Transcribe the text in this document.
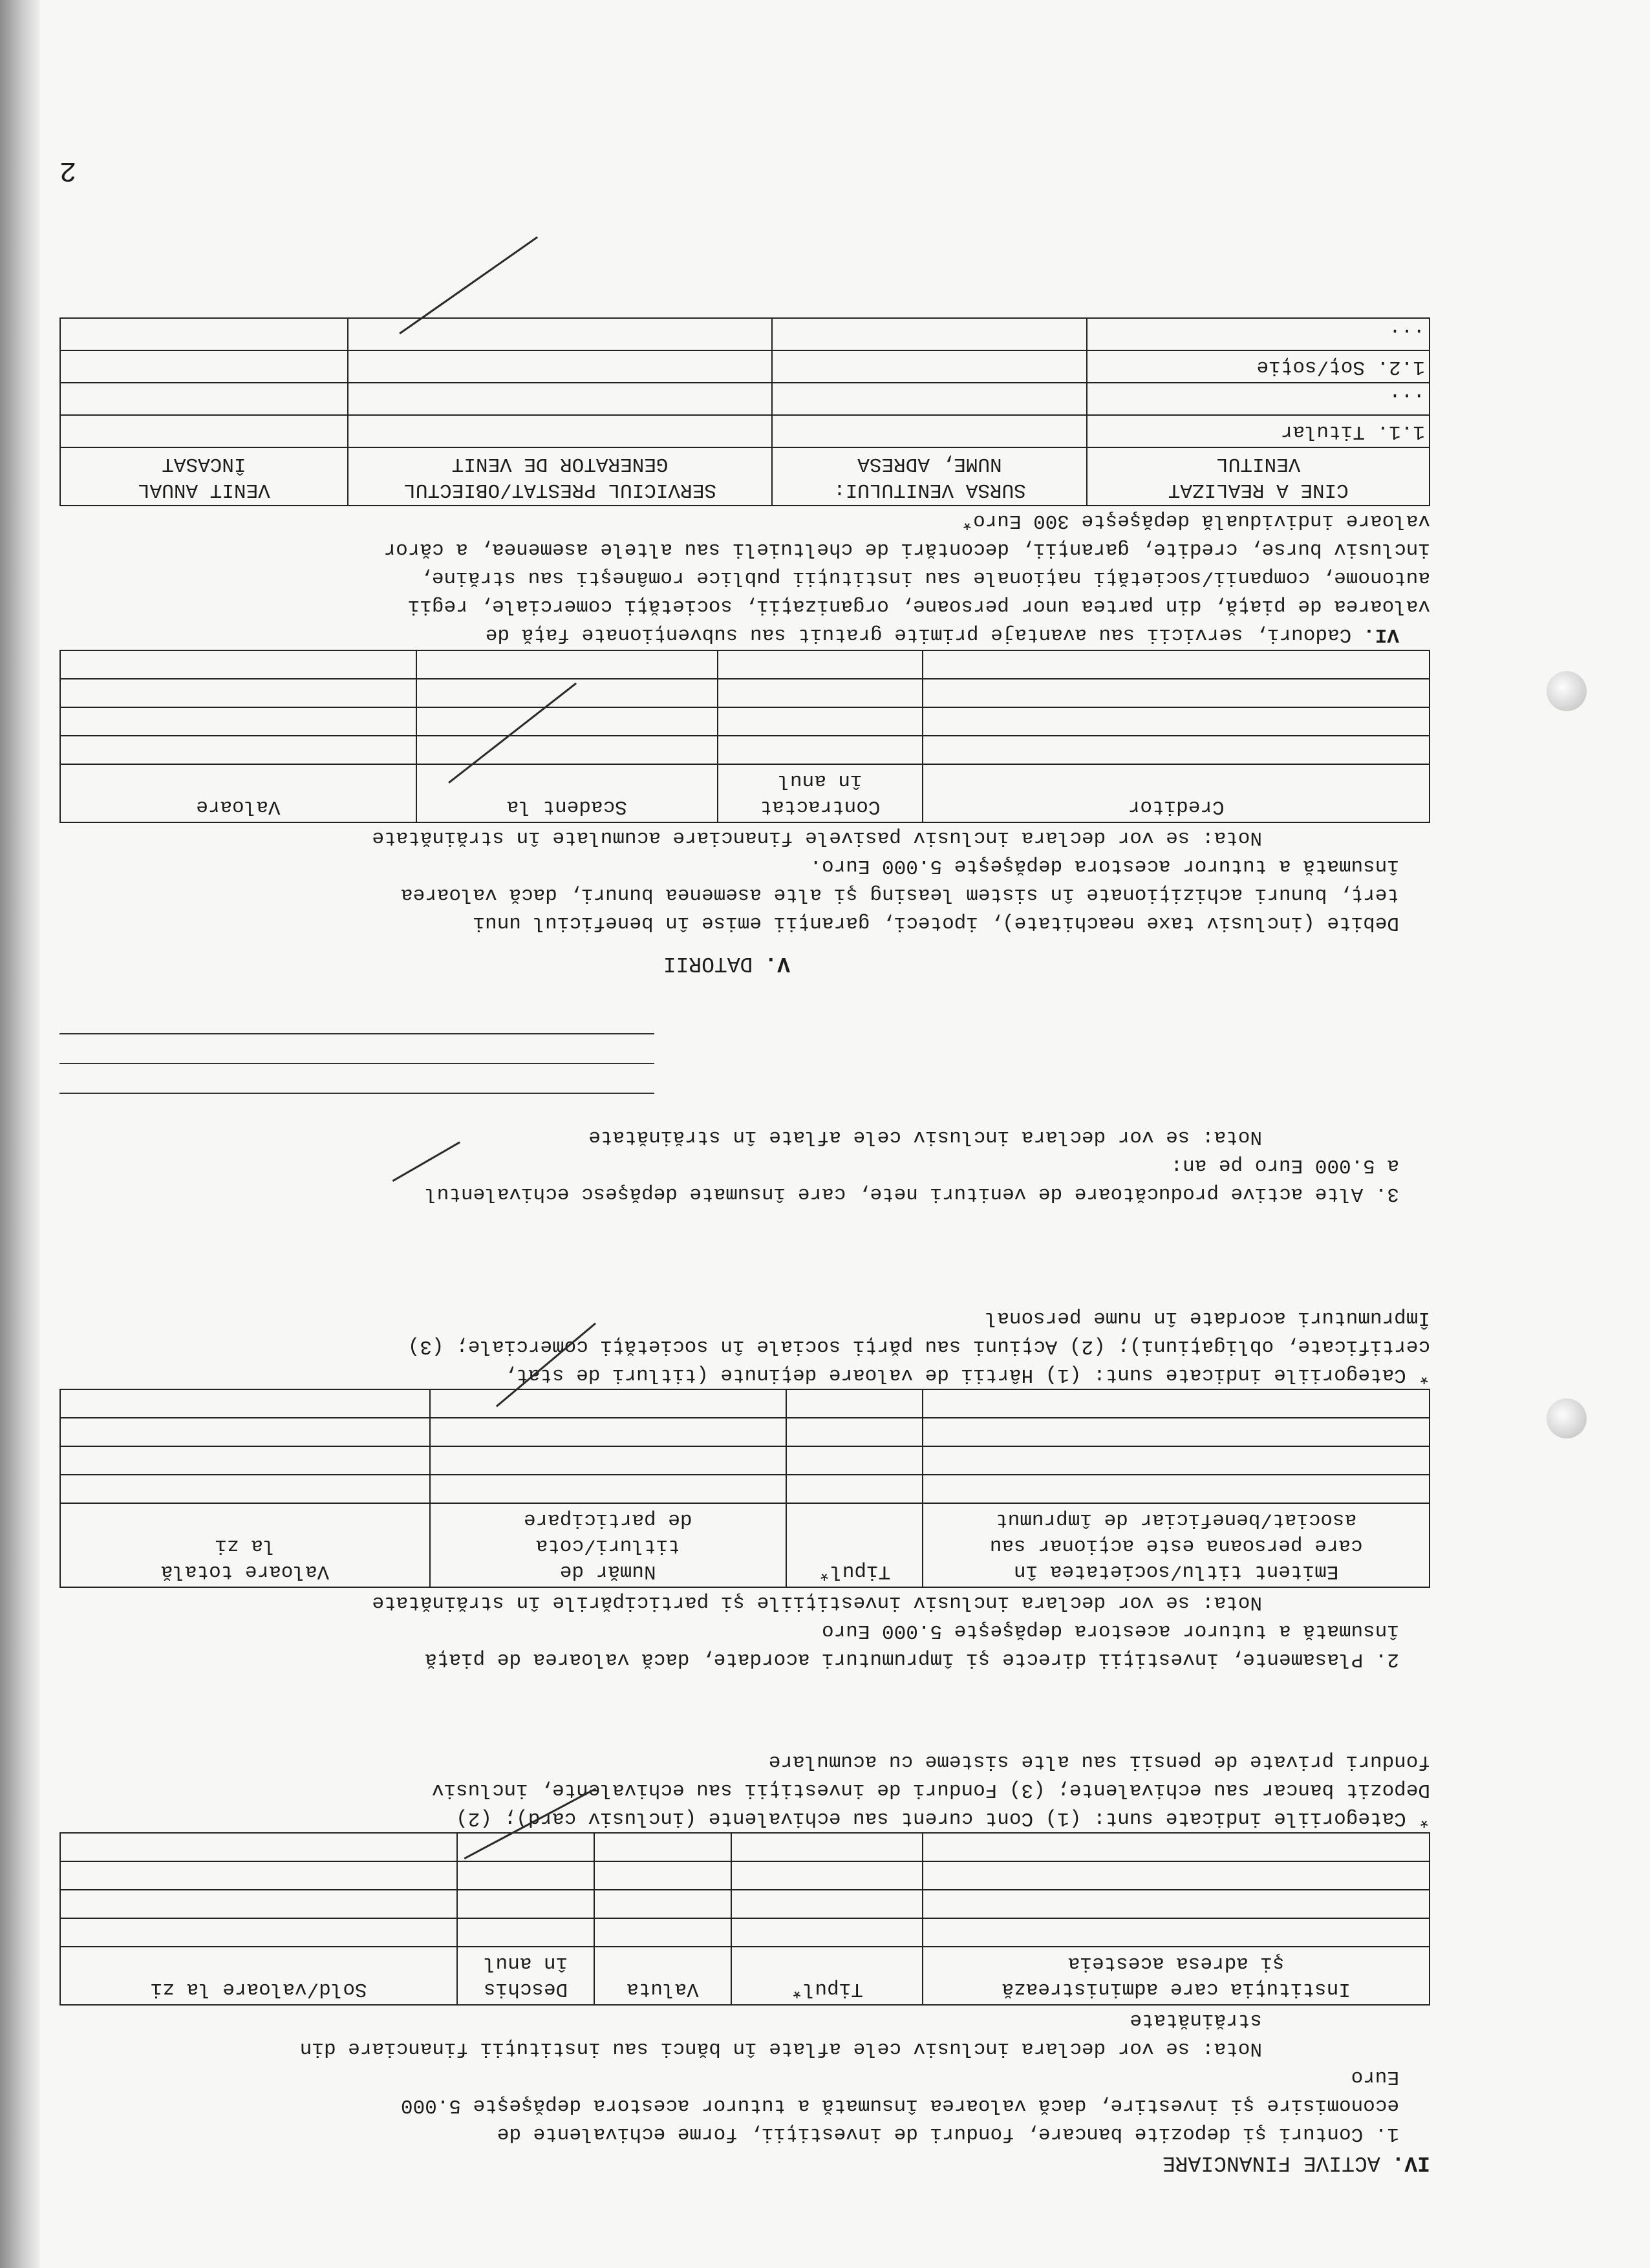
IV.ACTIVE FINANCIARE
1. Conturi şi depozite bancare, fonduri de investiţii, forme echivalente de
economisire şi investire, dacă valoarea însumată a tuturor acestora depăşeşte 5.000
Euro
Nota: se vor declara inclusiv cele aflate în bănci sau instituţii financiare din
străinătate
Instituţia care administrează
şi adresa acesteia	Tipul*	Valuta	Deschis
în anul	Sold/valoare la zi

* Categoriile indicate sunt: (1) Cont curent sau echivalente (inclusiv card); (2)
Depozit bancar sau echivalente; (3) Fonduri de investiţii sau echivalente, inclusiv
fonduri private de pensii sau alte sisteme cu acumulare
2. Plasamente, investiţii directe şi împrumuturi acordate, dacă valoarea de piaţă
însumată a tuturor acestora depăşeşte 5.000 Euro
Nota: se vor declara inclusiv investiţiile şi participările în străinătate
Emitent titlu/societatea în
care persoana este acţionar sau
asociat/beneficiar de împrumut	Tipul*	Număr de
titluri/cota
de participare	Valoare totală
la zi

* Categoriile indicate sunt: (1) Hârtii de valoare deţinute (titluri de stat,
certificate, obligaţiuni); (2) Acţiuni sau părţi sociale în societăţi comerciale; (3)
Împrumuturi acordate în nume personal
3. Alte active producătoare de venituri nete, care însumate depăşesc echivalentul
a 5.000 Euro pe an:
Nota: se vor declara inclusiv cele aflate în străinătate
V.DATORII
Debite (inclusiv taxe neachitate), ipoteci, garanţii emise în beneficiul unui
terţ, bunuri achiziţionate în sistem leasing şi alte asemenea bunuri, dacă valoarea
însumată a tuturor acestora depăşeşte 5.000 Euro.
Nota: se vor declara inclusiv pasivele financiare acumulate în străinătate
Creditor	Contractat
în anul	Scadent la	Valoare

VI.Cadouri, servicii sau avantaje primite gratuit sau subvenţionate faţă de
valoarea de piaţă, din partea unor persoane, organizaţii, societăţi comerciale, regii
autonome, companii/societăţi naţionale sau instituţii publice româneşti sau străine,
inclusiv burse, credite, garanţii, decontări de cheltuieli sau altele asemenea, a căror
valoare individuală depăşeşte 300 Euro*
CINE A REALIZAT
VENITUL	SURSA VENITULUI:
NUME, ADRESA	SERVICIUL PRESTAT/OBIECTUL
GENERATOR DE VENIT	VENIT ANUAL
ÎNCASAT
1.1. Titular			
...			
1.2. Soţ/soţie			
...			
2
